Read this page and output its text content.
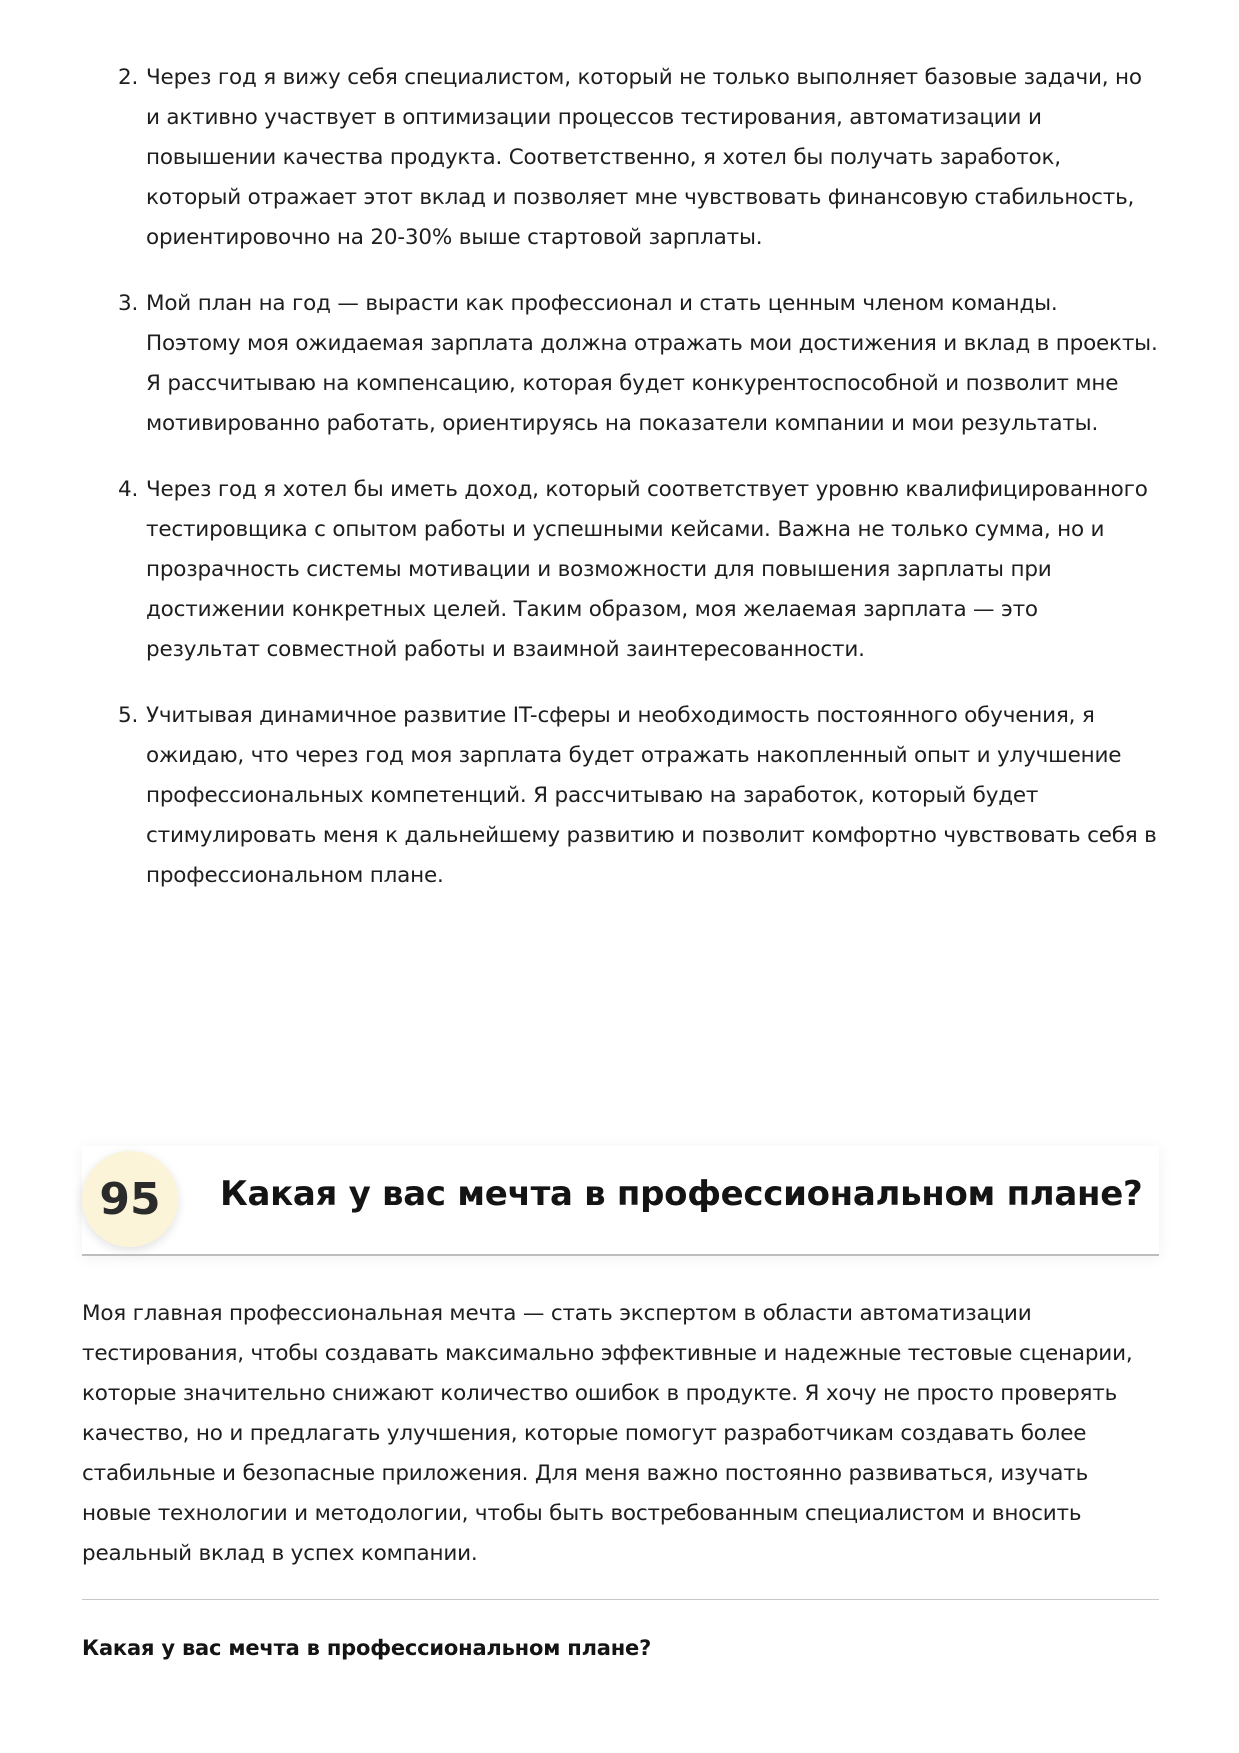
2. Через год я вижу себя специалистом, который не только выполняет базовые задачи, но и активно участвует в оптимизации процессов тестирования, автоматизации и повышении качества продукта. Соответственно, я хотел бы получать заработок, который отражает этот вклад и позволяет мне чувствовать финансовую стабильность, ориентировочно на 20-30% выше стартовой зарплаты.
3. Мой план на год — вырасти как профессионал и стать ценным членом команды. Поэтому моя ожидаемая зарплата должна отражать мои достижения и вклад в проекты. Я рассчитываю на компенсацию, которая будет конкурентоспособной и позволит мне мотивированно работать, ориентируясь на показатели компании и мои результаты.
4. Через год я хотел бы иметь доход, который соответствует уровню квалифицированного тестировщика с опытом работы и успешными кейсами. Важна не только сумма, но и прозрачность системы мотивации и возможности для повышения зарплаты при достижении конкретных целей. Таким образом, моя желаемая зарплата — это результат совместной работы и взаимной заинтересованности.
5. Учитывая динамичное развитие IT-сферы и необходимость постоянного обучения, я ожидаю, что через год моя зарплата будет отражать накопленный опыт и улучшение профессиональных компетенций. Я рассчитываю на заработок, который будет стимулировать меня к дальнейшему развитию и позволит комфортно чувствовать себя в профессиональном плане.
95	Какая у вас мечта в профессиональном плане?

Моя главная профессиональная мечта — стать экспертом в области автоматизации тестирования, чтобы создавать максимально эффективные и надежные тестовые сценарии, которые значительно снижают количество ошибок в продукте. Я хочу не просто проверять качество, но и предлагать улучшения, которые помогут разработчикам создавать более стабильные и безопасные приложения. Для меня важно постоянно развиваться, изучать новые технологии и методологии, чтобы быть востребованным специалистом и вносить реальный вклад в успех компании.

Какая у вас мечта в профессиональном плане?
